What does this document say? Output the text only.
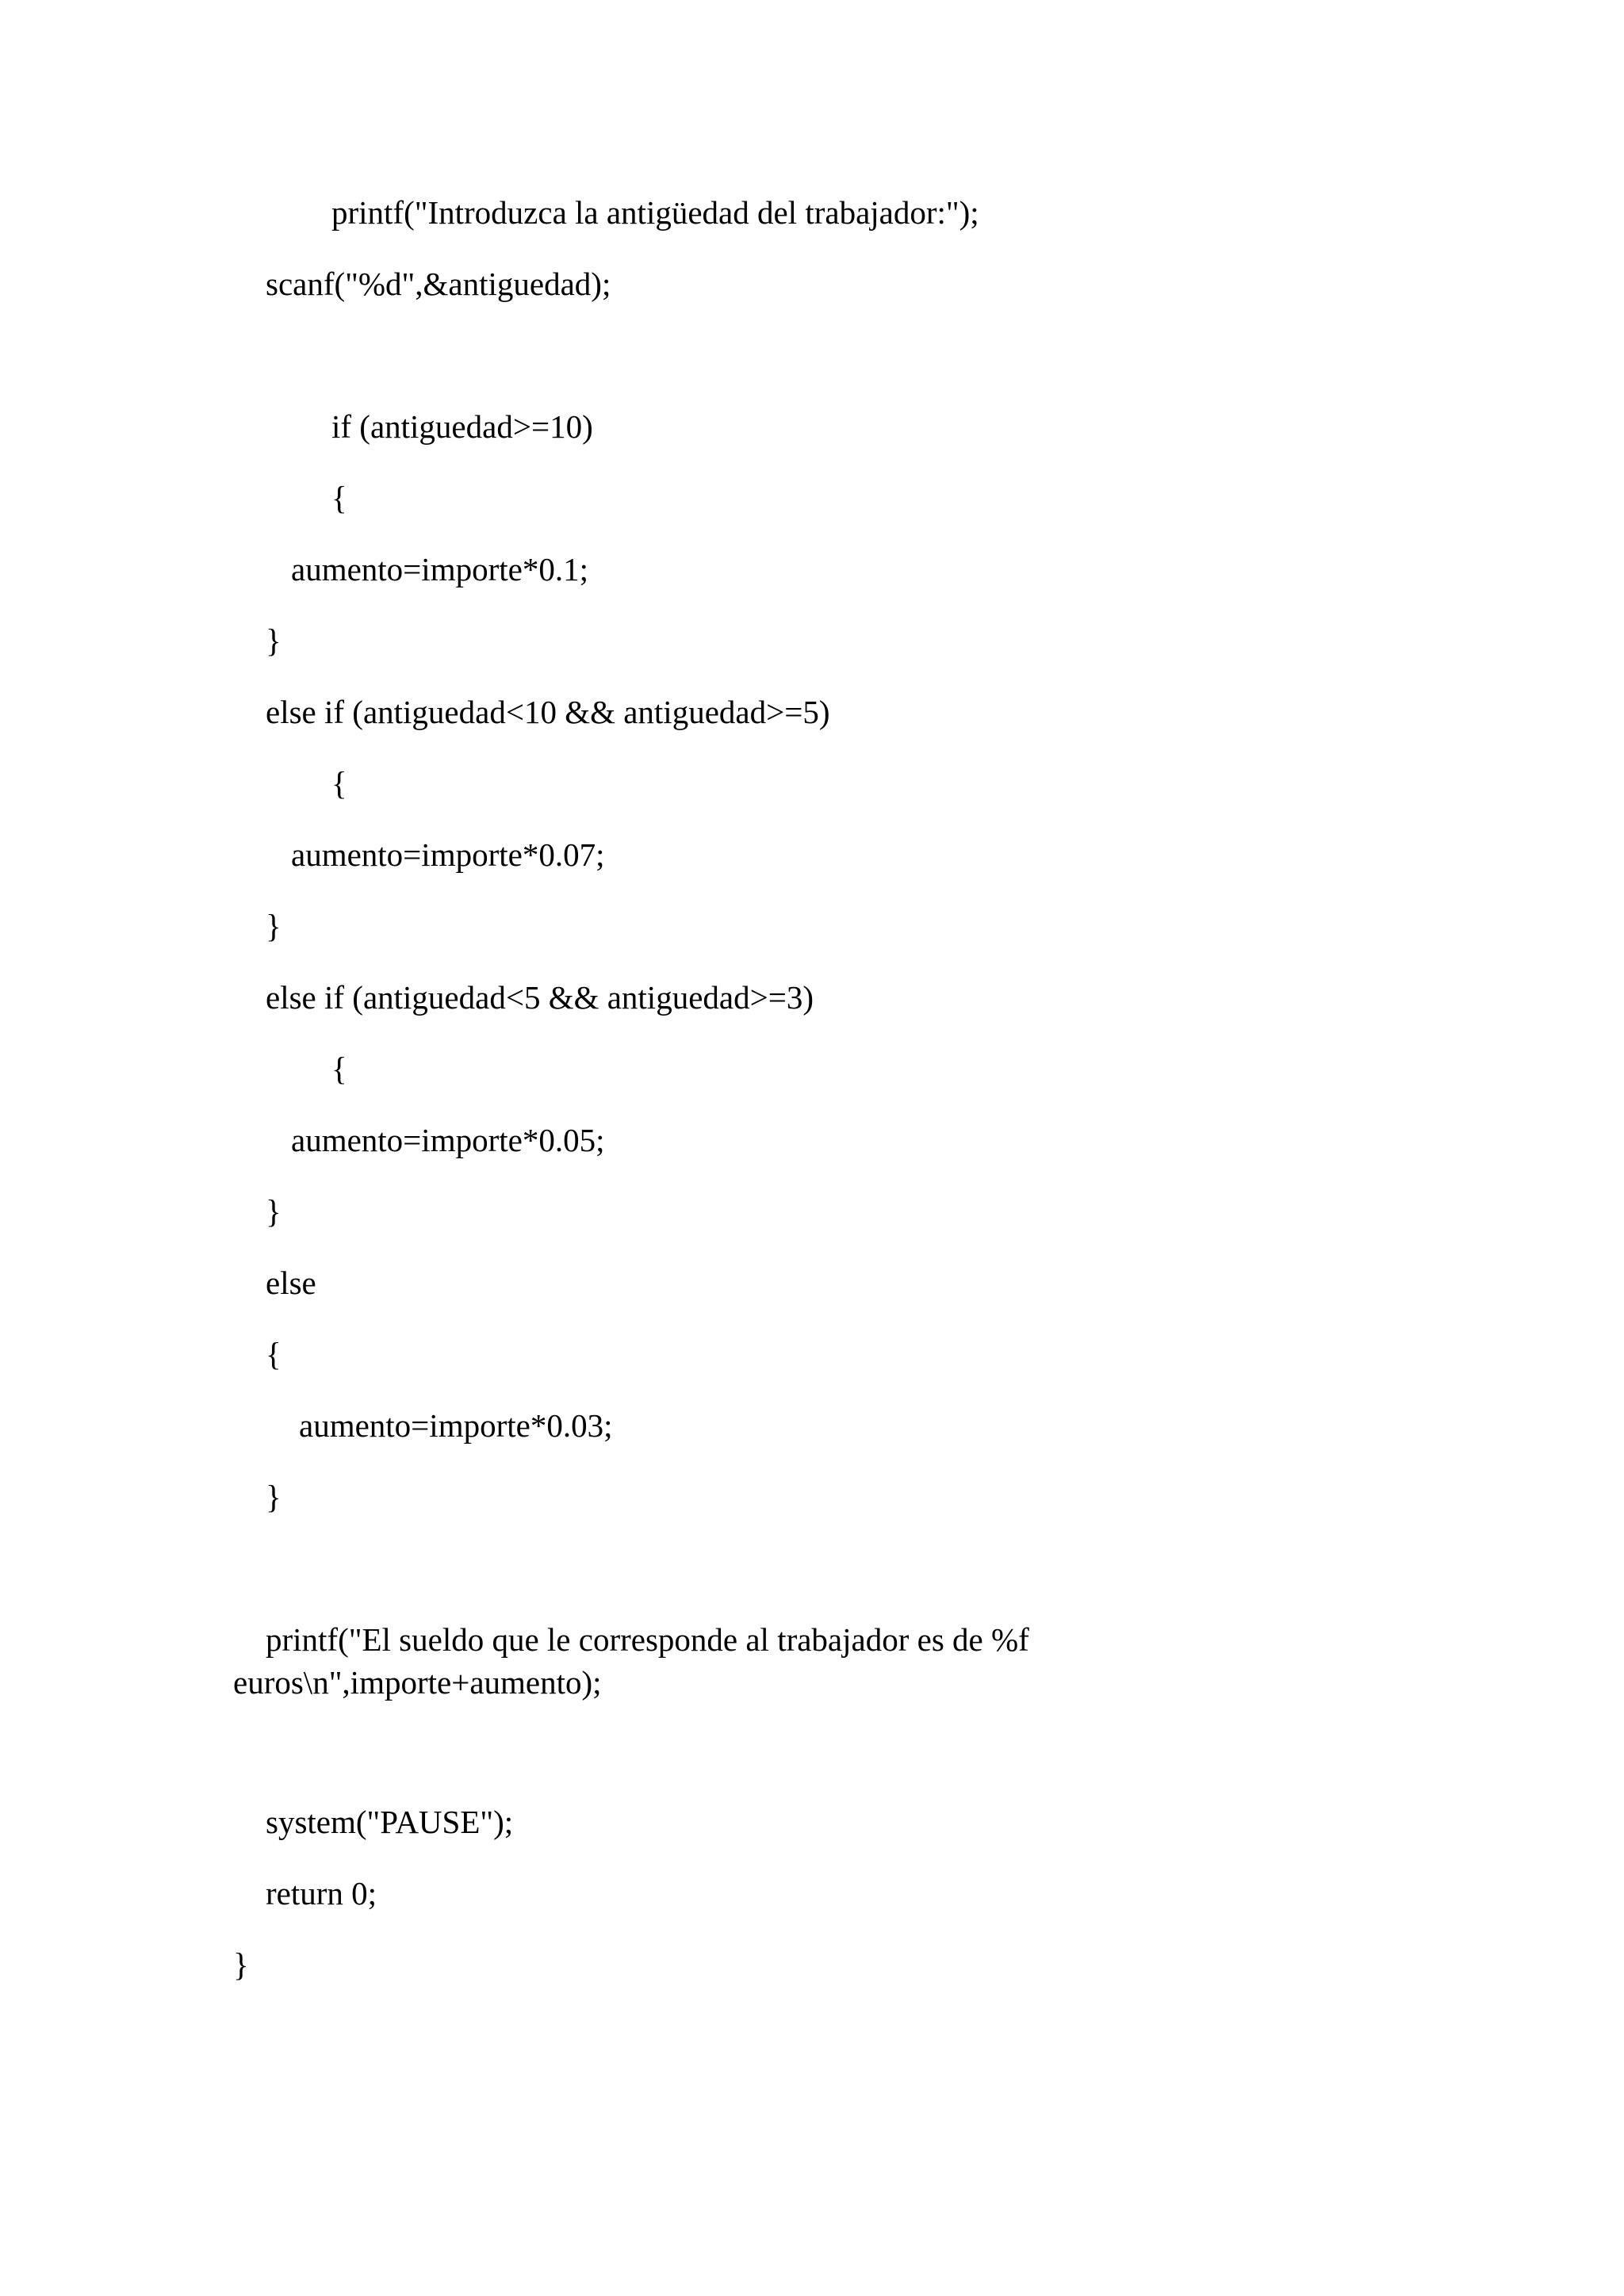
printf("Introduzca la antigüedad del trabajador:");
scanf("%d",&antiguedad);
if (antiguedad>=10)
{
aumento=importe*0.1;
}
else if (antiguedad<10 && antiguedad>=5)
{
aumento=importe*0.07;
}
else if (antiguedad<5 && antiguedad>=3)
{
aumento=importe*0.05;
}
else
{
aumento=importe*0.03;
}
printf("El sueldo que le corresponde al trabajador es de %f
euros\n",importe+aumento);
system("PAUSE");
return 0;
}
